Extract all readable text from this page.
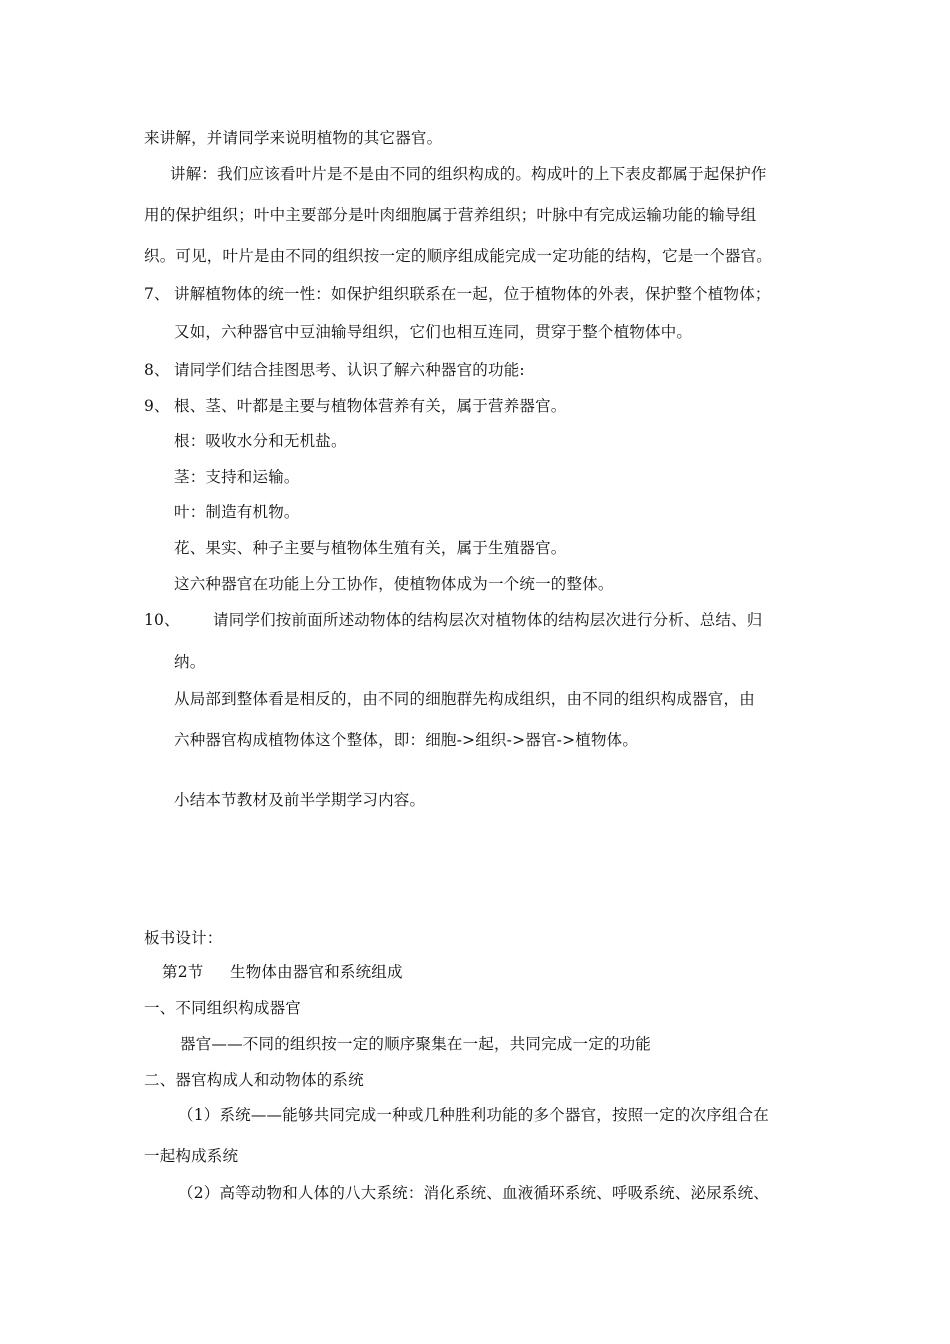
来讲解，并请同学来说明植物的其它器官。
讲解：我们应该看叶片是不是由不同的组织构成的。构成叶的上下表皮都属于起保护作
用的保护组织；叶中主要部分是叶肉细胞属于营养组织；叶脉中有完成运输功能的输导组
织。可见，叶片是由不同的组织按一定的顺序组成能完成一定功能的结构，它是一个器官。
7、 讲解植物体的统一性：如保护组织联系在一起，位于植物体的外表，保护整个植物体；
又如，六种器官中豆油输导组织，它们也相互连同，贯穿于整个植物体中。
8、 请同学们结合挂图思考、认识了解六种器官的功能:
9、 根、茎、叶都是主要与植物体营养有关，属于营养器官。
根：吸收水分和无机盐。
茎：支持和运输。
叶：制造有机物。
花、果实、种子主要与植物体生殖有关，属于生殖器官。
这六种器官在功能上分工协作，使植物体成为一个统一的整体。
10、 请同学们按前面所述动物体的结构层次对植物体的结构层次进行分析、总结、归
纳。
从局部到整体看是相反的，由不同的细胞群先构成组织，由不同的组织构成器官，由
六种器官构成植物体这个整体，即：细胞->组织->器官->植物体。
小结本节教材及前半学期学习内容。
板书设计：
第2节 生物体由器官和系统组成
一、不同组织构成器官
器官——不同的组织按一定的顺序聚集在一起，共同完成一定的功能
二、器官构成人和动物体的系统
（1）系统——能够共同完成一种或几种胜利功能的多个器官，按照一定的次序组合在
一起构成系统
（2）高等动物和人体的八大系统：消化系统、血液循环系统、呼吸系统、泌尿系统、
